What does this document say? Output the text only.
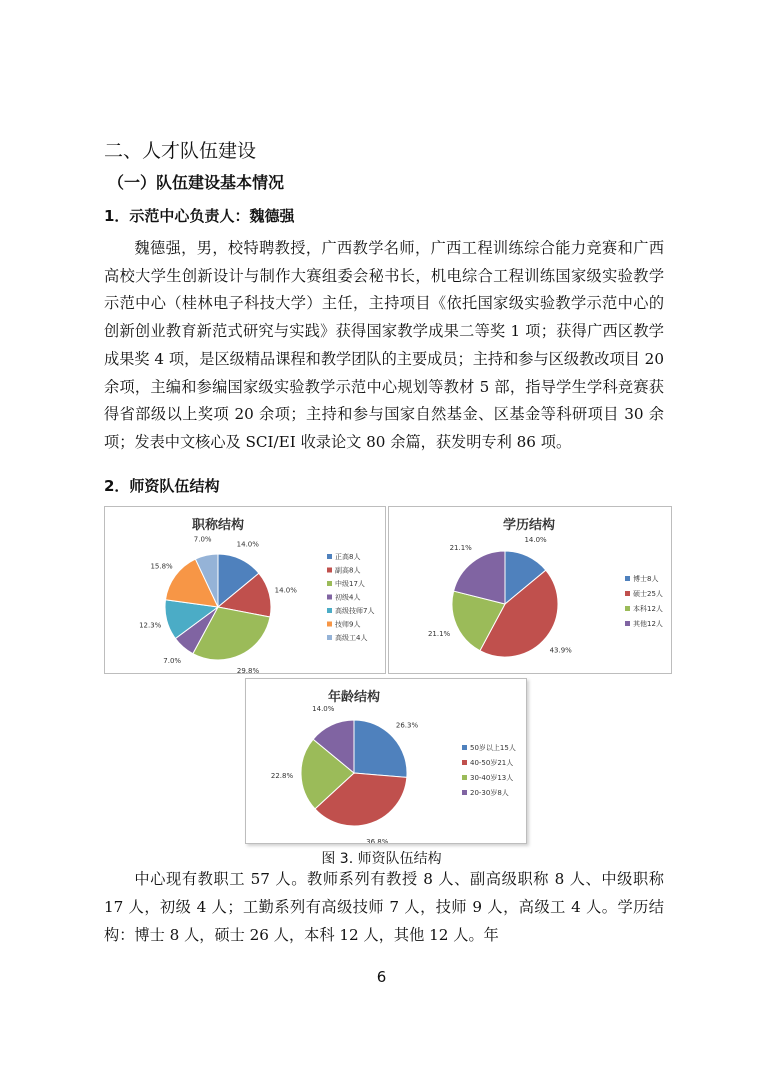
二、人才队伍建设
（一）队伍建设基本情况
1．示范中心负责人：魏德强
魏德强，男，校特聘教授，广西教学名师，广西工程训练综合能力竞赛和广西高校大学生创新设计与制作大赛组委会秘书长，机电综合工程训练国家级实验教学示范中心（桂林电子科技大学）主任，主持项目《依托国家级实验教学示范中心的创新创业教育新范式研究与实践》获得国家教学成果二等奖 1 项；获得广西区教学成果奖 4 项，是区级精品课程和教学团队的主要成员；主持和参与区级教改项目 20 余项，主编和参编国家级实验教学示范中心规划等教材 5 部，指导学生学科竞赛获得省部级以上奖项 20 余项；主持和参与国家自然基金、区基金等科研项目 30 余项；发表中文核心及 SCI/EI 收录论文 80 余篇，获发明专利 86 项。
2．师资队伍结构
职称结构
14.0%
14.0%
29.8%
7.0%
12.3%
15.8%
7.0%
正高8人
副高8人
中级17人
初级4人
高级技师7人
技师9人
高级工4人
学历结构
14.0%
43.9%
21.1%
21.1%
博士8人
硕士25人
本科12人
其他12人
年龄结构
26.3%
36.8%
22.8%
14.0%
50岁以上15人
40-50岁21人
30-40岁13人
20-30岁8人
图 3. 师资队伍结构
中心现有教职工 57 人。教师系列有教授 8 人、副高级职称 8 人、中级职称 17 人，初级 4 人；工勤系列有高级技师 7 人，技师 9 人，高级工 4 人。学历结构：博士 8 人，硕士 26 人，本科 12 人，其他 12 人。年
6
